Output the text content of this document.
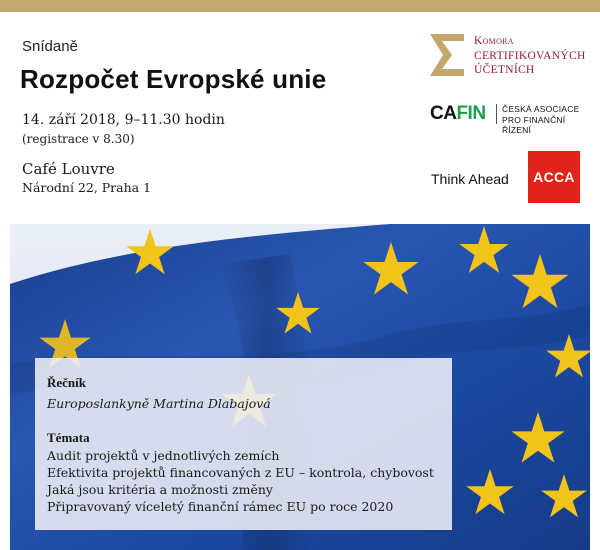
Snídaně
Rozpočet Evropské unie
14. září 2018, 9–11.30 hodin
(registrace v 8.30)
Café Louvre
Národní 22, Praha 1
Komora
CERTIFIKOVANÝCH
ÚČETNÍCH
CAFIN ČESKÁ ASOCIACE
PRO FINANČNÍ ŘÍZENÍ
Think Ahead	ACCA
Řečník
Europoslankyně Martina Dlabajová
Témata
Audit projektů v jednotlivých zemích
Efektivita projektů financovaných z EU – kontrola, chybovost
Jaká jsou kritéria a možnosti změny
Připravovaný víceletý finanční rámec EU po roce 2020
